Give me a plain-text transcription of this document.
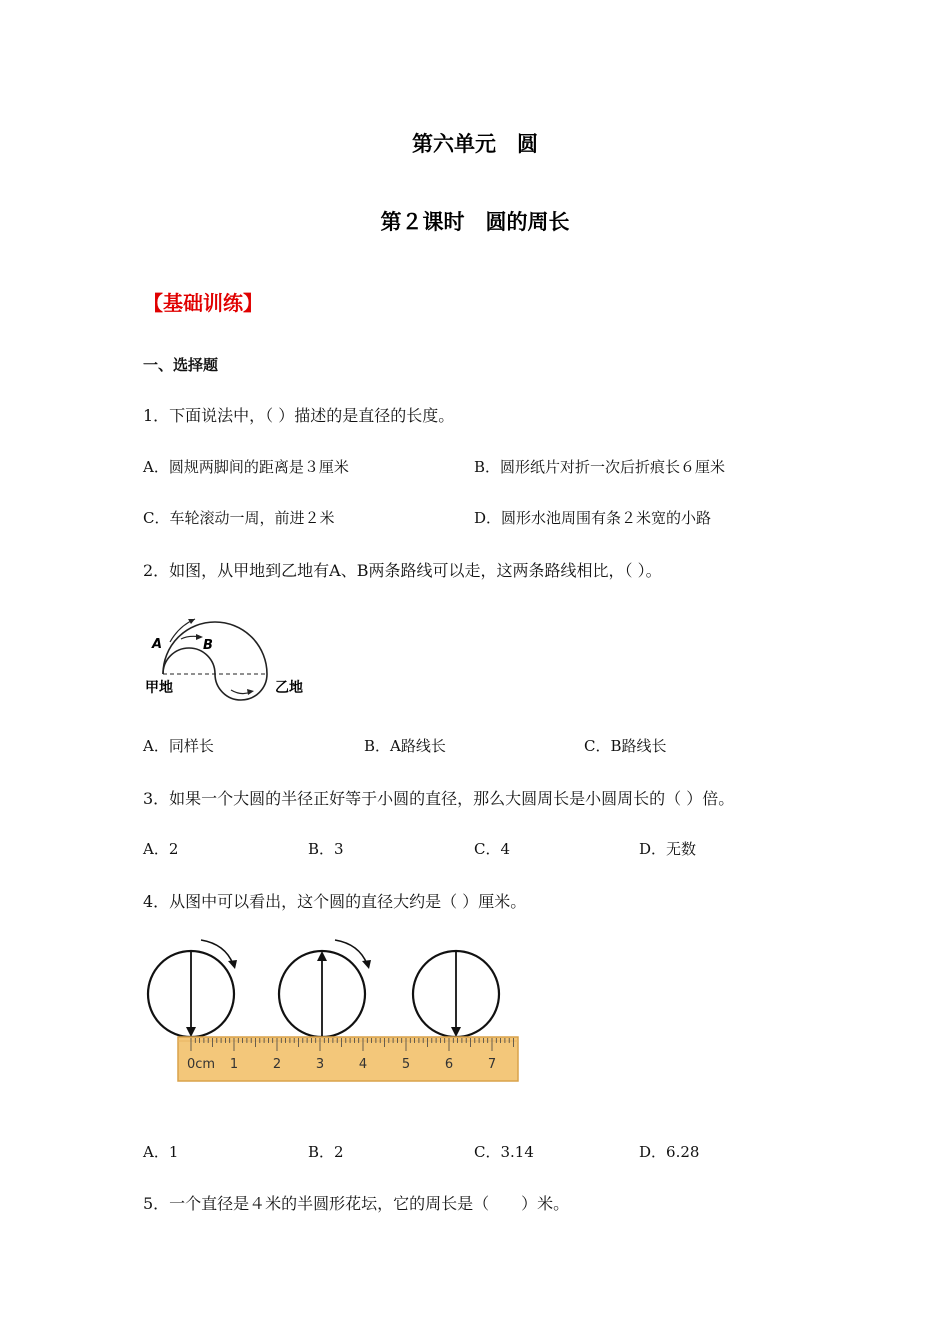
第六单元　圆
第２课时　圆的周长
【基础训练】
一、选择题
1．下面说法中，（ ）描述的是直径的长度。
A．圆规两脚间的距离是３厘米	B．圆形纸片对折一次后折痕长６厘米
C．车轮滚动一周，前进２米	D．圆形水池周围有条２米宽的小路
2．如图，从甲地到乙地有A、B两条路线可以走，这两条路线相比，（ ）。
A	B
甲地	乙地
A．同样长	B．A路线长	C．B路线长
3．如果一个大圆的半径正好等于小圆的直径，那么大圆周长是小圆周长的（ ）倍。
A．2	B．3	C．4	D．无数
4．从图中可以看出，这个圆的直径大约是（ ）厘米。
0cm 1	2	3	4	5	6	7
A．1	B．2	C．3.14	D．6.28
5．一个直径是４米的半圆形花坛，它的周长是（　　）米。
